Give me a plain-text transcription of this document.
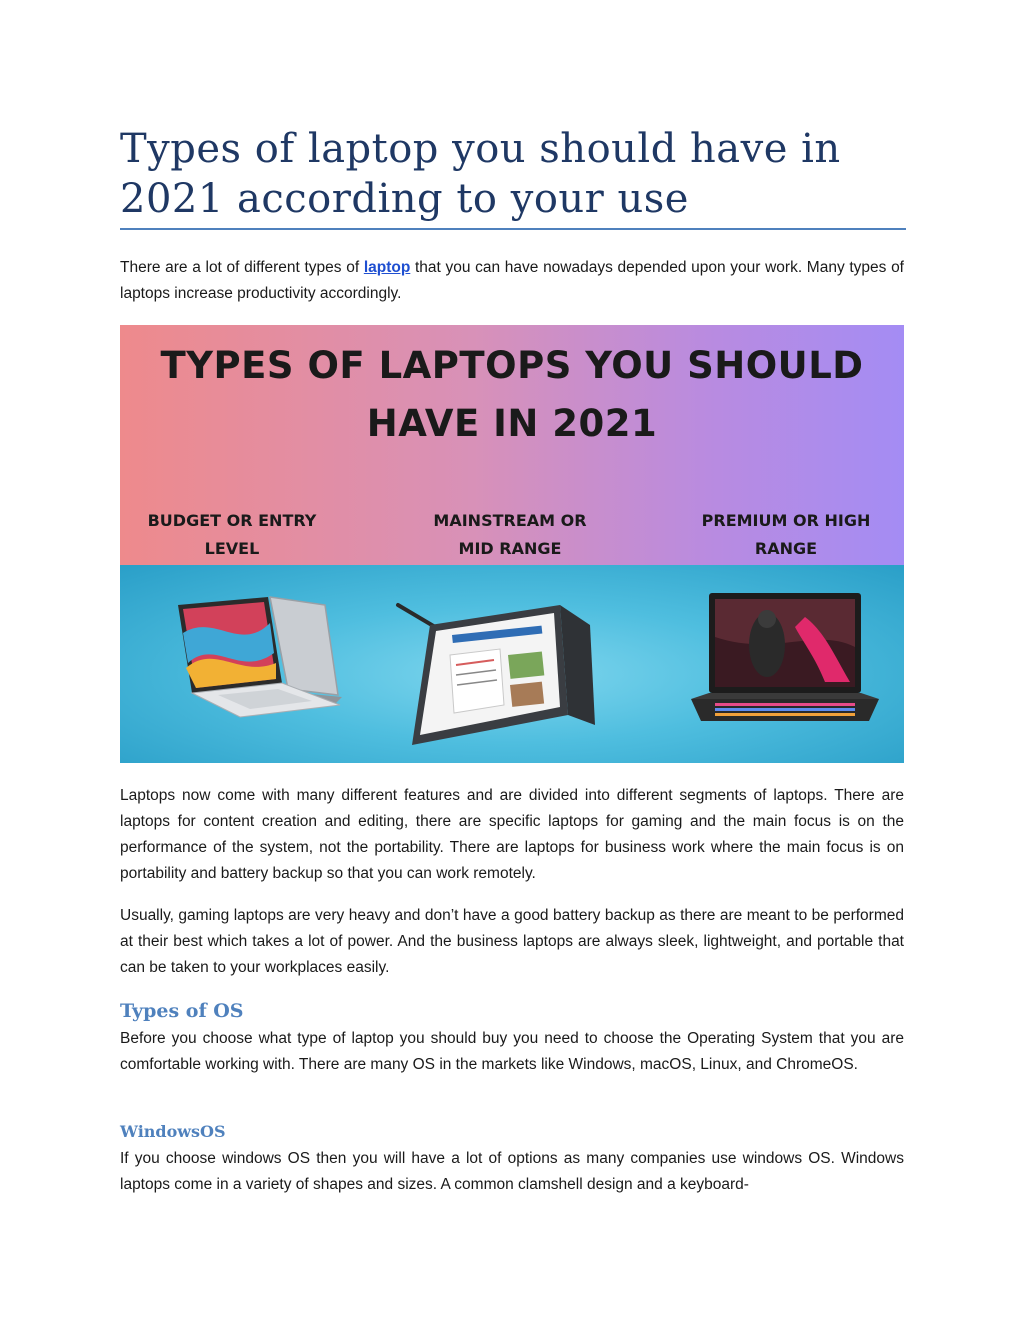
Types of laptop you should have in 2021 according to your use

There are a lot of different types of laptop that you can have nowadays depended upon your work. Many types of laptops increase productivity accordingly.

TYPES OF LAPTOPS YOU SHOULD
HAVE IN 2021
BUDGET OR ENTRY
LEVEL
MAINSTREAM OR
MID RANGE
PREMIUM OR HIGH
RANGE

Laptops now come with many different features and are divided into different segments of laptops. There are laptops for content creation and editing, there are specific laptops for gaming and the main focus is on the performance of the system, not the portability. There are laptops for business work where the main focus is on portability and battery backup so that you can work remotely.

Usually, gaming laptops are very heavy and don’t have a good battery backup as there are meant to be performed at their best which takes a lot of power. And the business laptops are always sleek, lightweight, and portable that can be taken to your workplaces easily.

Types of OS

Before you choose what type of laptop you should buy you need to choose the Operating System that you are comfortable working with. There are many OS in the markets like Windows, macOS, Linux, and ChromeOS.

WindowsOS

If you choose windows OS then you will have a lot of options as many companies use windows OS. Windows laptops come in a variety of shapes and sizes. A common clamshell design and a keyboard-
